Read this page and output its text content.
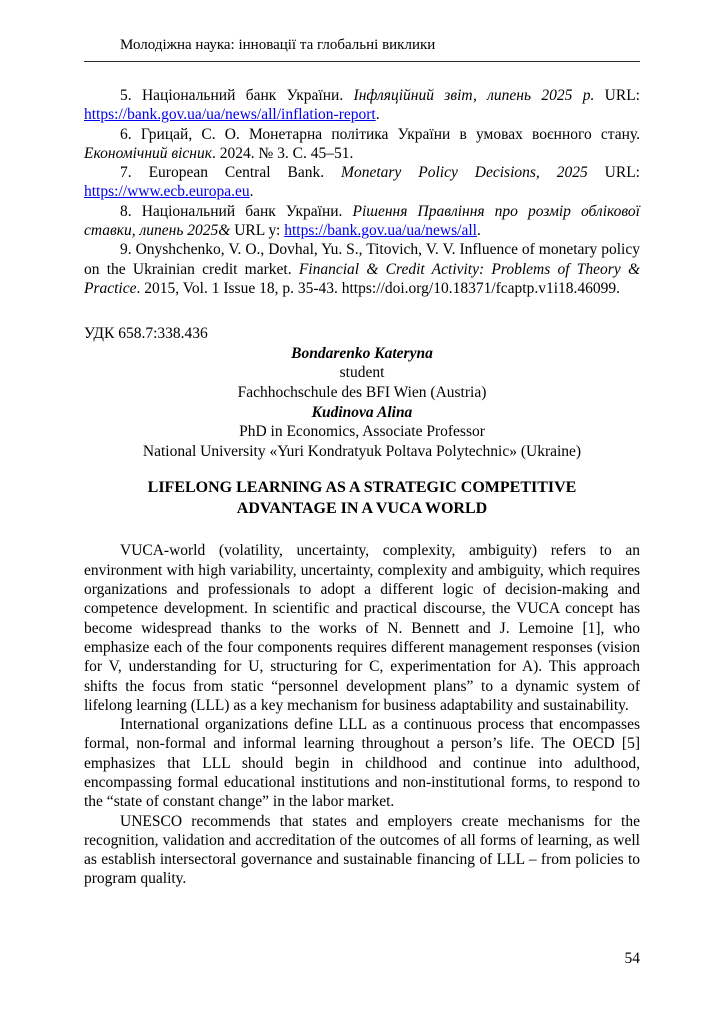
Молодіжна наука: інновації та глобальні виклики

5. Національний банк України. Інфляційний звіт, липень 2025 р. URL: https://bank.gov.ua/ua/news/all/inflation-report.

6. Грицай, С. О. Монетарна політика України в умовах воєнного стану. Економічний вісник. 2024. № 3. С. 45–51.

7. European Central Bank. Monetary Policy Decisions, 2025 URL: https://www.ecb.europa.eu.

8. Національний банк України. Рішення Правління про розмір облікової ставки, липень 2025& URL у: https://bank.gov.ua/ua/news/all.

9. Onyshchenko, V. O., Dovhal, Yu. S., Titovich, V. V. Influence of monetary policy on the Ukrainian credit market. Financial & Credit Activity: Problems of Theory & Practice. 2015, Vol. 1 Issue 18, p. 35-43. https://doi.org/10.18371/fcaptp.v1i18.46099.

УДК 658.7:338.436
Bondarenko Kateryna
student
Fachhochschule des BFI Wien (Austria)
Kudinova Alina
PhD in Economics, Associate Professor
National University «Yuri Kondratyuk Poltava Polytechnic» (Ukraine)
LIFELONG LEARNING AS A STRATEGIC COMPETITIVE
ADVANTAGE IN A VUCA WORLD

VUCA-world (volatility, uncertainty, complexity, ambiguity) refers to an environment with high variability, uncertainty, complexity and ambiguity, which requires organizations and professionals to adopt a different logic of decision-making and competence development. In scientific and practical discourse, the VUCA concept has become widespread thanks to the works of N. Bennett and J. Lemoine [1], who emphasize each of the four components requires different management responses (vision for V, understanding for U, structuring for C, experimentation for A). This approach shifts the focus from static “personnel development plans” to a dynamic system of lifelong learning (LLL) as a key mechanism for business adaptability and sustainability.

International organizations define LLL as a continuous process that encompasses formal, non-formal and informal learning throughout a person’s life. The OECD [5] emphasizes that LLL should begin in childhood and continue into adulthood, encompassing formal educational institutions and non-institutional forms, to respond to the “state of constant change” in the labor market.

UNESCO recommends that states and employers create mechanisms for the recognition, validation and accreditation of the outcomes of all forms of learning, as well as establish intersectoral governance and sustainable financing of LLL – from policies to program quality.

54
